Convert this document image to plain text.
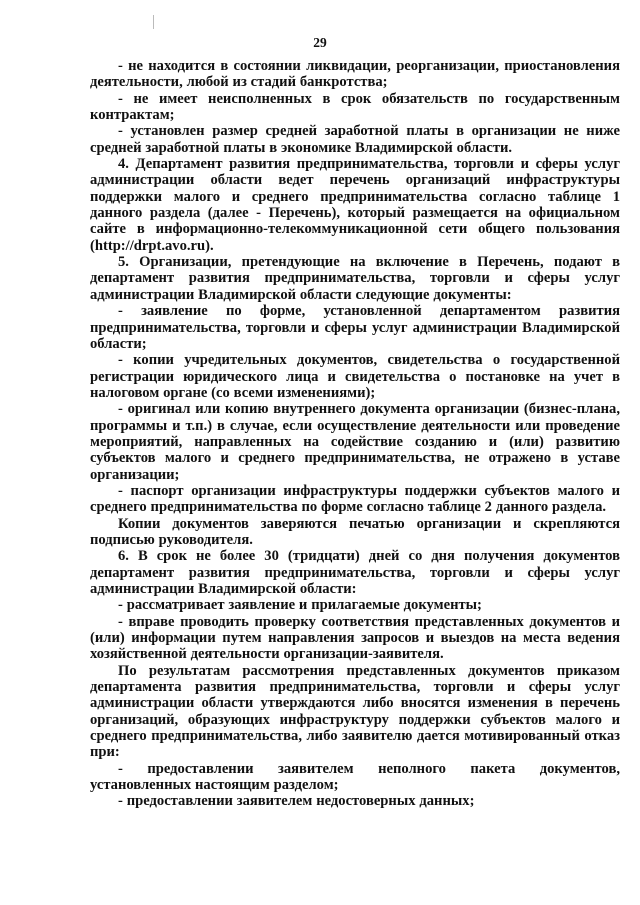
29

- не находится в состоянии ликвидации, реорганизации, приостановления деятельности, любой из стадий банкротства;

- не имеет неисполненных в срок обязательств по государственным контрактам;

- установлен размер средней заработной платы в организации не ниже средней заработной платы в экономике Владимирской области.

4. Департамент развития предпринимательства, торговли и сферы услуг администрации области ведет перечень организаций инфраструктуры поддержки малого и среднего предпринимательства согласно таблице 1 данного раздела (далее - Перечень), который размещается на официальном сайте в информационно-телекоммуникационной сети общего пользования (http://drpt.avo.ru).

5. Организации, претендующие на включение в Перечень, подают в департамент развития предпринимательства, торговли и сферы услуг администрации Владимирской области следующие документы:

- заявление по форме, установленной департаментом развития предпринимательства, торговли и сферы услуг администрации Владимирской области;

- копии учредительных документов, свидетельства о государственной регистрации юридического лица и свидетельства о постановке на учет в налоговом органе (со всеми изменениями);

- оригинал или копию внутреннего документа организации (бизнес-плана, программы и т.п.) в случае, если осуществление деятельности или проведение мероприятий, направленных на содействие созданию и (или) развитию субъектов малого и среднего предпринимательства, не отражено в уставе организации;

- паспорт организации инфраструктуры поддержки субъектов малого и среднего предпринимательства по форме согласно таблице 2 данного раздела.

Копии документов заверяются печатью организации и скрепляются подписью руководителя.

6. В срок не более 30 (тридцати) дней со дня получения документов департамент развития предпринимательства, торговли и сферы услуг администрации Владимирской области:

- рассматривает заявление и прилагаемые документы;

- вправе проводить проверку соответствия представленных документов и (или) информации путем направления запросов и выездов на места ведения хозяйственной деятельности организации-заявителя.

По результатам рассмотрения представленных документов приказом департамента развития предпринимательства, торговли и сферы услуг администрации области утверждаются либо вносятся изменения в перечень организаций, образующих инфраструктуру поддержки субъектов малого и среднего предпринимательства, либо заявителю дается мотивированный отказ при:

- предоставлении заявителем неполного пакета документов, установленных настоящим разделом;

- предоставлении заявителем недостоверных данных;
